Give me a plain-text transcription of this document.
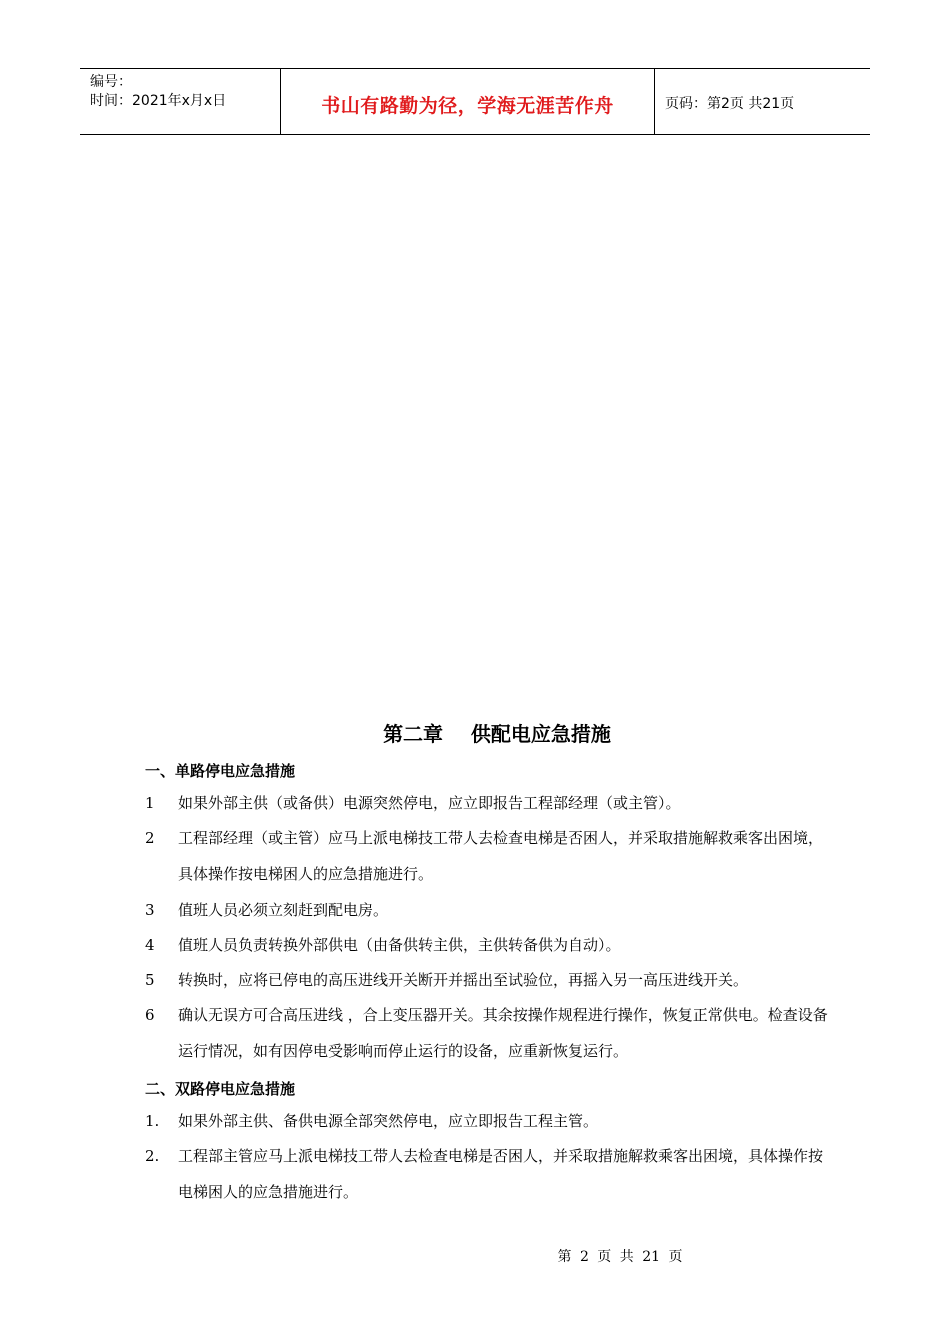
编号：
时间：2021年x月x日	书山有路勤为径，学海无涯苦作舟	页码：第2页 共21页
第二章    供配电应急措施
一、单路停电应急措施
1 如果外部主供（或备供）电源突然停电，应立即报告工程部经理（或主管）。
2 工程部经理（或主管）应马上派电梯技工带人去检查电梯是否困人，并采取措施解救乘客出困境，具体操作按电梯困人的应急措施进行。
3 值班人员必须立刻赶到配电房。
4 值班人员负责转换外部供电（由备供转主供，主供转备供为自动）。
5 转换时，应将已停电的高压进线开关断开并摇出至试验位，再摇入另一高压进线开关。
6 确认无误方可合高压进线 ，合上变压器开关。其余按操作规程进行操作，恢复正常供电。检查设备运行情况，如有因停电受影响而停止运行的设备，应重新恢复运行。
二、双路停电应急措施
1. 如果外部主供、备供电源全部突然停电，应立即报告工程主管。
2. 工程部主管应马上派电梯技工带人去检查电梯是否困人，并采取措施解救乘客出困境，具体操作按电梯困人的应急措施进行。
第 2 页 共 21 页
